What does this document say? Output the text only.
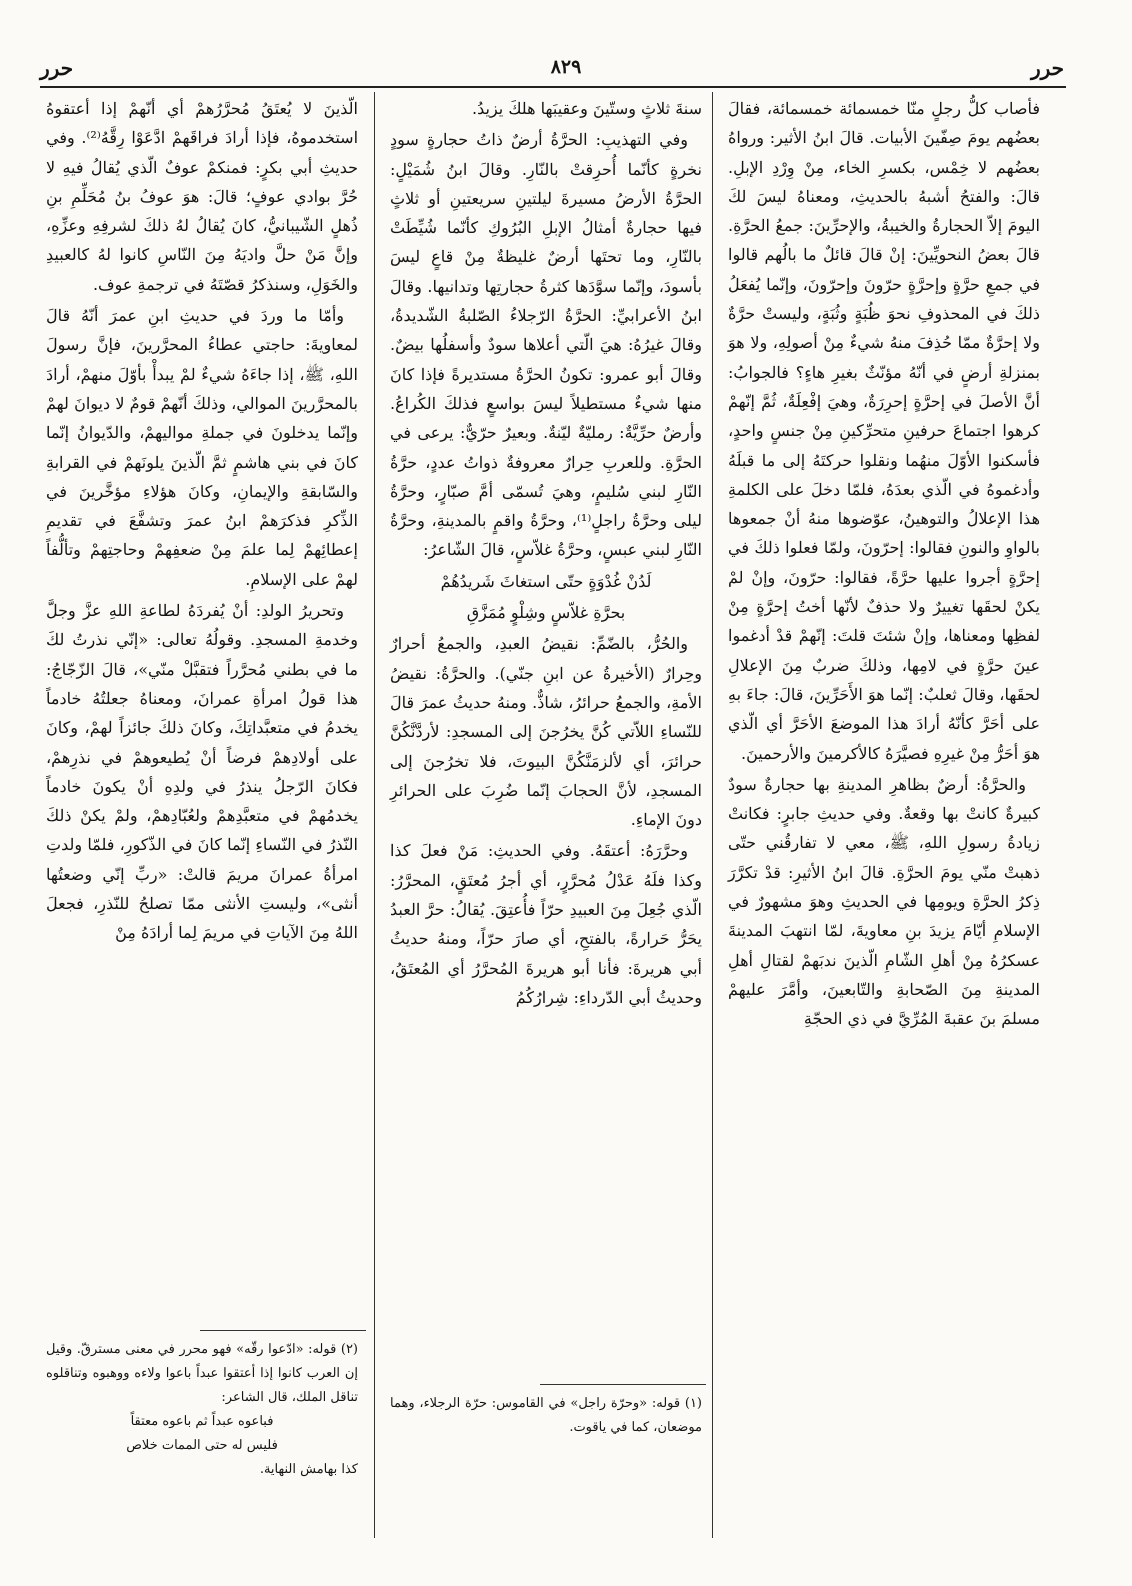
حرر
٨٢٩
حرر

فأصاب كلُّ رجلٍ منّا خمسمائة خمسمائة، فقالَ بعضُهم يومَ صِفّينَ الأبيات. قالَ ابنُ الأثير: ورواهُ بعضُهم لا خِمْس، بكسرِ الخاء، مِنْ وِرْدِ الإبلِ. قالَ: والفتحُ أشبهُ بالحديثِ، ومعناهُ ليسَ لكَ اليومَ إلاّ الحجارةُ والخيبةُ، والإحرِّينَ: جمعُ الحرَّةِ. قالَ بعضُ النحويِّينَ: إنْ قالَ قائلٌ ما بالُهم قالوا في جمعِ حرَّةٍ وإحرَّةٍ حرّونَ وإحرّونَ، وإنّما يُفعَلُ ذلكَ في المحذوفِ نحوَ ظُبَةٍ وثُبَةٍ، وليستْ حرَّةٌ ولا إحرَّةٌ ممّا حُذِفَ منهُ شيءٌ مِنْ أصولِهِ، ولا هوَ بمنزلةِ أرضٍ في أنّهُ مؤنّثٌ بغيرِ هاءٍ؟ فالجوابُ: أنَّ الأصلَ في إحرَّةٍ إحرِرَةٌ، وهيَ إفْعِلَةٌ، ثُمَّ إنّهمْ كرهوا اجتماعَ حرفينِ متحرِّكينِ مِنْ جنسٍ واحدٍ، فأسكنوا الأوّلَ منهُما ونقلوا حركتَهُ إلى ما قبلَهُ وأدغموهُ في الّذي بعدَهُ، فلمّا دخلَ على الكلمةِ هذا الإعلالُ والتوهينُ، عوّضوها منهُ أنْ جمعوها بالواوِ والنونِ فقالوا: إحرّونَ، ولمّا فعلوا ذلكَ في إحرَّةٍ أجروا عليها حرَّةً، فقالوا: حرّونَ، وإنْ لمْ يكنْ لحقَها تغييرٌ ولا حذفٌ لأنّها أختُ إحرَّةٍ مِنْ لفظِها ومعناها، وإنْ شئتَ قلتَ: إنّهمْ قدْ أدغموا عينَ حرَّةٍ في لامِها، وذلكَ ضربٌ مِنَ الإعلالِ لحقَها، وقالَ ثعلبٌ: إنّما هوَ الأَحَرِّينَ، قالَ: جاءَ بهِ على أحَرَّ كأنّهُ أرادَ هذا الموضعَ الأحَرَّ أي الّذي هوَ أحَرُّ مِنْ غيرِهِ فصيَّرَهُ كالأكرمينَ والأرحمينَ.

والحرَّةُ: أرضٌ بظاهرِ المدينةِ بها حجارةٌ سودٌ كبيرةٌ كانتْ بها وقعةٌ. وفي حديثِ جابرٍ: فكانتْ زيادةُ رسولِ اللهِ، ﷺ، معي لا تفارقُني حتّى ذهبتْ منّي يومَ الحرَّةِ. قالَ ابنُ الأثيرِ: قدْ تكرَّرَ ذِكرُ الحرَّةِ ويومِها في الحديثِ وهوَ مشهورٌ في الإسلامِ أيّامَ يزيدَ بنِ معاويةَ، لمّا انتهبَ المدينةَ عسكرُهُ مِنْ أهلِ الشّامِ الّذينَ ندبَهمْ لقتالِ أهلِ المدينةِ مِنَ الصّحابةِ والتّابعينَ، وأمَّرَ عليهمْ مسلمَ بنَ عقبةَ المُرِّيَّ في ذي الحجّةِ

سنةَ ثلاثٍ وستّينَ وعقيبَها هلكَ يزيدُ.

وفي التهذيبِ: الحرَّةُ أرضٌ ذاتُ حجارةٍ سودٍ نخرةٍ كأنّما أُحرِقتْ بالنّارِ. وقالَ ابنُ شُمَيْلٍ: الحرَّةُ الأرضُ مسيرةَ ليلتينِ سريعتينِ أو ثلاثٍ فيها حجارةٌ أمثالُ الإبلِ البُرُوكِ كأنّما شُيِّطَتْ بالنّارِ، وما تحتَها أرضٌ غليظةٌ مِنْ قاعٍ ليسَ بأسودَ، وإنّما سوَّدَها كثرةُ حجارتِها وتدانيها. وقالَ ابنُ الأعرابيِّ: الحرَّةُ الرّجلاءُ الصّلبةُ الشّديدةُ، وقالَ غيرُهُ: هيَ الّتي أعلاها سودٌ وأسفلُها بيضٌ. وقالَ أبو عمرو: تكونُ الحرَّةُ مستديرةً فإذا كانَ منها شيءٌ مستطيلاً ليسَ بواسعٍ فذلكَ الكُراعُ. وأرضٌ حرِّيَّةٌ: رمليّةٌ ليّنةٌ. وبعيرٌ حرّيٌّ: يرعى في الحرَّةِ. وللعربِ حِرارٌ معروفةٌ ذواتُ عددٍ، حرَّةُ النّارِ لبني سُليمٍ، وهيَ تُسمّى أمَّ صبّارٍ، وحرَّةُ ليلى وحرَّةُ راجلٍ⁽¹⁾، وحرَّةُ واقمٍ بالمدينةِ، وحرَّةُ النّارِ لبني عبسٍ، وحرَّةُ غلاّسٍ، قالَ الشّاعرُ:

لَدُنْ غُدْوَةٍ حتّى استغاثَ شَريدُهُمْ

بحرَّةِ غلاّسٍ وشِلْوٍ مُمَزَّقِ

والحُرُّ، بالضّمِّ: نقيضُ العبدِ، والجمعُ أحرارٌ وحِرارٌ (الأخيرةُ عن ابنِ جنّي). والحرَّةُ: نقيضُ الأمةِ، والجمعُ حرائرُ، شاذٌّ. ومنهُ حديثُ عمرَ قالَ للنّساءِ اللاّتي كُنَّ يخرُجنَ إلى المسجدِ: لأردَّنَّكُنَّ حرائرَ، أي لألزمَنَّكُنَّ البيوتَ، فلا تخرُجنَ إلى المسجدِ، لأنَّ الحجابَ إنّما ضُرِبَ على الحرائرِ دونَ الإماءِ.

وحرَّرَهُ: أعتقَهُ. وفي الحديثِ: مَنْ فعلَ كذا وكذا فلَهُ عَدْلُ مُحرَّرٍ، أي أجرُ مُعتَقٍ، المحرَّرُ: الّذي جُعِلَ مِنَ العبيدِ حرّاً فأُعتِقَ. يُقالُ: حرَّ العبدُ يحَرُّ حَرارةً، بالفتحِ، أي صارَ حرّاً، ومنهُ حديثُ أبي هريرةَ: فأنا أبو هريرةَ المُحرَّرُ أي المُعتَقُ، وحديثُ أبي الدّرداءِ: شِرارُكُمُ

الّذينَ لا يُعتَقُ مُحرَّرُهمْ أي أنّهمْ إذا أعتقوهُ استخدموهُ، فإذا أرادَ فراقَهمْ ادَّعَوْا رِقَّهُ⁽²⁾. وفي حديثِ أبي بكرٍ: فمنكمْ عوفٌ الّذي يُقالُ فيهِ لا حُرَّ بوادي عوفٍ؛ قالَ: هوَ عوفُ بنُ مُحَلِّمِ بنِ ذُهلٍ الشّيبانيُّ، كانَ يُقالُ لهُ ذلكَ لشرفِهِ وعزِّهِ، وإنَّ مَنْ حلَّ واديَهُ مِنَ النّاسِ كانوا لهُ كالعبيدِ والخَوَلِ، وسنذكرُ قصّتَهُ في ترجمةِ عوف.

وأمّا ما وردَ في حديثِ ابنِ عمرَ أنّهُ قالَ لمعاويةَ: حاجتي عطاءُ المحرَّرينَ، فإنَّ رسولَ اللهِ، ﷺ، إذا جاءَهُ شيءٌ لمْ يبدأْ بأوّلَ منهمْ، أرادَ بالمحرَّرينَ الموالي، وذلكَ أنّهمْ قومٌ لا ديوانَ لهمْ وإنّما يدخلونَ في جملةِ مواليهمْ، والدّيوانُ إنّما كانَ في بني هاشمٍ ثمَّ الّذينَ يلونَهمْ في القرابةِ والسّابقةِ والإيمانِ، وكانَ هؤلاءِ مؤخَّرينَ في الذِّكرِ فذكرَهمْ ابنُ عمرَ وتشفَّعَ في تقديمِ إعطائِهمْ لِما علمَ مِنْ ضعفِهمْ وحاجتِهمْ وتألُّفاً لهمْ على الإسلامِ.

وتحريرُ الولدِ: أنْ يُفردَهُ لطاعةِ اللهِ عزَّ وجلَّ وخدمةِ المسجدِ. وقولُهُ تعالى: «إنّي نذرتُ لكَ ما في بطني مُحرَّراً فتقبَّلْ منّي»، قالَ الزّجّاجُ: هذا قولُ امرأةِ عمرانَ، ومعناهُ جعلتُهُ خادماً يخدمُ في متعبَّداتِكَ، وكانَ ذلكَ جائزاً لهمْ، وكانَ على أولادِهمْ فرضاً أنْ يُطيعوهمْ في نذرِهمْ، فكانَ الرّجلُ ينذرُ في ولدِهِ أنْ يكونَ خادماً يخدمُهمْ في متعبَّدِهمْ ولعُبّادِهمْ، ولمْ يكنْ ذلكَ النّذرُ في النّساءِ إنّما كانَ في الذّكورِ، فلمّا ولدتِ امرأةُ عمرانَ مريمَ قالتْ: «ربِّ إنّي وضعتُها أنثى»، وليستِ الأنثى ممّا تصلحُ للنّذرِ، فجعلَ اللهُ مِنَ الآياتِ في مريمَ لِما أرادَهُ مِنْ

(١) قوله: «وحرّة راجل» في القاموس: حرّة الرجلاء، وهما موضعان، كما في ياقوت.

(٢) قوله: «ادّعوا رقّه» فهو محرر في معنى مسترقّ. وقيل إن العرب كانوا إذا أعتقوا عبداً باعوا ولاءه ووهبوه وتناقلوه تناقل الملك، قال الشاعر:

فباعوه عبداً ثم باعوه معتقاً

فليس له حتى الممات خلاص

كذا بهامش النهاية.
